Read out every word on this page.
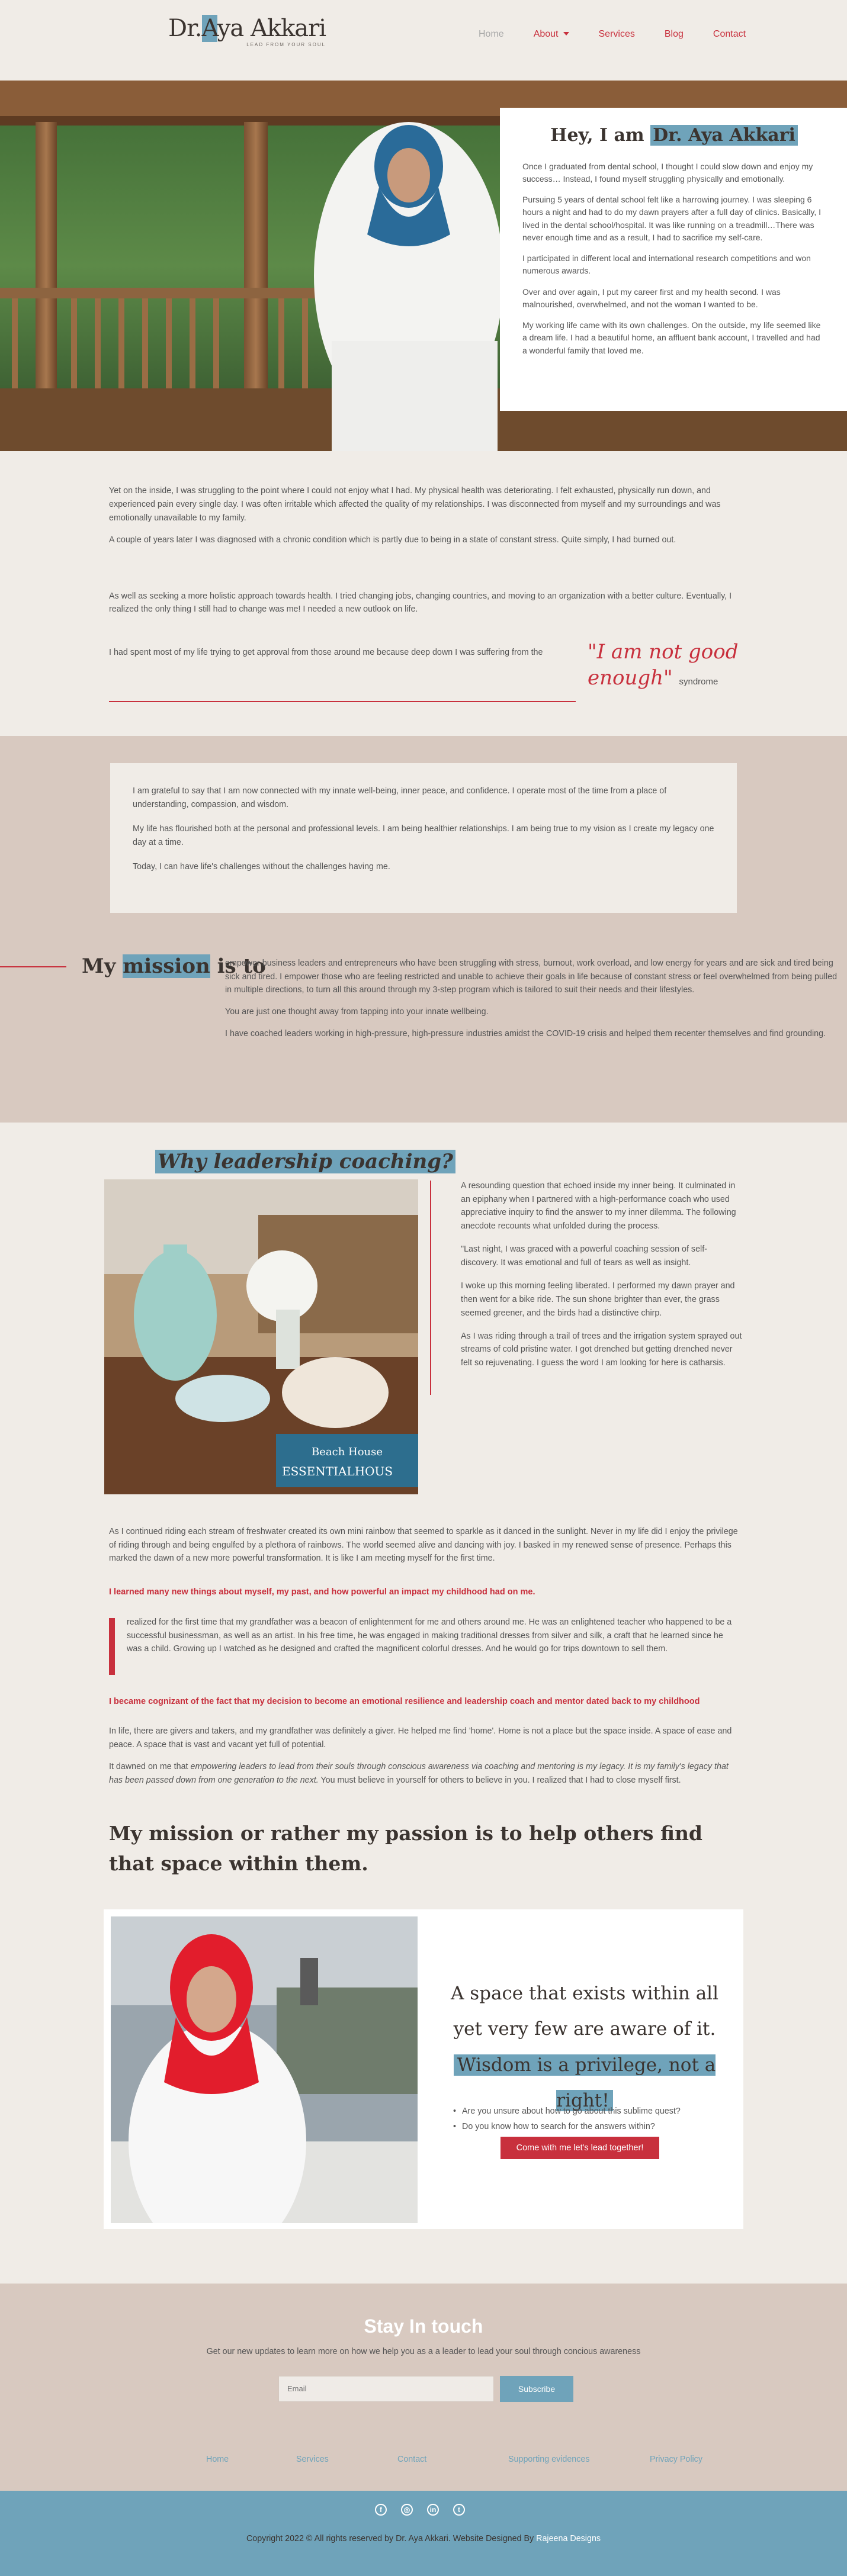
Dr.Aya Akkari
LEAD FROM YOUR SOUL
Home	About	Services	Blog	Contact
Hey, I am Dr. Aya Akkari

Once I graduated from dental school, I thought I could slow down and enjoy my success… Instead, I found myself struggling physically and emotionally.

Pursuing 5 years of dental school felt like a harrowing journey. I was sleeping 6 hours a night and had to do my dawn prayers after a full day of clinics. Basically, I lived in the dental school/hospital. It was like running on a treadmill…There was never enough time and as a result, I had to sacrifice my self-care.

I participated in different local and international research competitions and won numerous awards.

Over and over again, I put my career first and my health second. I was malnourished, overwhelmed, and not the woman I wanted to be.

My working life came with its own challenges. On the outside, my life seemed like a dream life. I had a beautiful home, an affluent bank account, I travelled and had a wonderful family that loved me.

Yet on the inside, I was struggling to the point where I could not enjoy what I had. My physical health was deteriorating. I felt exhausted, physically run down, and experienced pain every single day. I was often irritable which affected the quality of my relationships. I was disconnected from myself and my surroundings and was emotionally unavailable to my family.

A couple of years later I was diagnosed with a chronic condition which is partly due to being in a state of constant stress. Quite simply, I had burned out.

As well as seeking a more holistic approach towards health. I tried changing jobs, changing countries, and moving to an organization with a better culture. Eventually, I realized the only thing I still had to change was me! I needed a new outlook on life.

I had spent most of my life trying to get approval from those around me because deep down I was suffering from the	"I am not good enough" syndrome

I am grateful to say that I am now connected with my innate well-being, inner peace, and confidence. I operate most of the time from a place of understanding, compassion, and wisdom.

My life has flourished both at the personal and professional levels. I am being healthier relationships. I am being true to my vision as I create my legacy one day at a time.

Today, I can have life's challenges without the challenges having me.

My mission is to

empower business leaders and entrepreneurs who have been struggling with stress, burnout, work overload, and low energy for years and are sick and tired being sick and tired. I empower those who are feeling restricted and unable to achieve their goals in life because of constant stress or feel overwhelmed from being pulled in multiple directions, to turn all this around through my 3-step program which is tailored to suit their needs and their lifestyles.

You are just one thought away from tapping into your innate wellbeing.

I have coached leaders working in high-pressure, high-pressure industries amidst the COVID-19 crisis and helped them recenter themselves and find grounding.

Why leadership coaching?
Beach House
ESSENTIALHOUS

A resounding question that echoed inside my inner being. It culminated in an epiphany when I partnered with a high-performance coach who used appreciative inquiry to find the answer to my inner dilemma. The following anecdote recounts what unfolded during the process.

"Last night, I was graced with a powerful coaching session of self-discovery. It was emotional and full of tears as well as insight.

I woke up this morning feeling liberated. I performed my dawn prayer and then went for a bike ride. The sun shone brighter than ever, the grass seemed greener, and the birds had a distinctive chirp.

As I was riding through a trail of trees and the irrigation system sprayed out streams of cold pristine water. I got drenched but getting drenched never felt so rejuvenating. I guess the word I am looking for here is catharsis.

As I continued riding each stream of freshwater created its own mini rainbow that seemed to sparkle as it danced in the sunlight. Never in my life did I enjoy the privilege of riding through and being engulfed by a plethora of rainbows. The world seemed alive and dancing with joy. I basked in my renewed sense of presence. Perhaps this marked the dawn of a new more powerful transformation. It is like I am meeting myself for the first time.

I learned many new things about myself, my past, and how powerful an impact my childhood had on me.

realized for the first time that my grandfather was a beacon of enlightenment for me and others around me. He was an enlightened teacher who happened to be a successful businessman, as well as an artist. In his free time, he was engaged in making traditional dresses from silver and silk, a craft that he learned since he was a child. Growing up I watched as he designed and crafted the magnificent colorful dresses. And he would go for trips downtown to sell them.

I became cognizant of the fact that my decision to become an emotional resilience and leadership coach and mentor dated back to my childhood

In life, there are givers and takers, and my grandfather was definitely a giver. He helped me find 'home'. Home is not a place but the space inside. A space of ease and peace. A space that is vast and vacant yet full of potential.

It dawned on me that empowering leaders to lead from their souls through conscious awareness via coaching and mentoring is my legacy. It is my family's legacy that has been passed down from one generation to the next. You must believe in yourself for others to believe in you. I realized that I had to close myself first.

My mission or rather my passion is to help others find that space within them.
A space that exists within all yet very few are aware of it. Wisdom is a privilege, not a right!
• Are you unsure about how to go about this sublime quest?
• Do you know how to search for the answers within?
Come with me let's lead together!
Stay In touch
Get our new updates to learn more on how we help you as a a leader to lead your soul through concious awareness
Email
Subscribe
Home	Services	Contact	Supporting evidences	Privacy Policy
f	◎	in	t
Copyright 2022 © All rights reserved by Dr. Aya Akkari. Website Designed By Rajeena Designs
